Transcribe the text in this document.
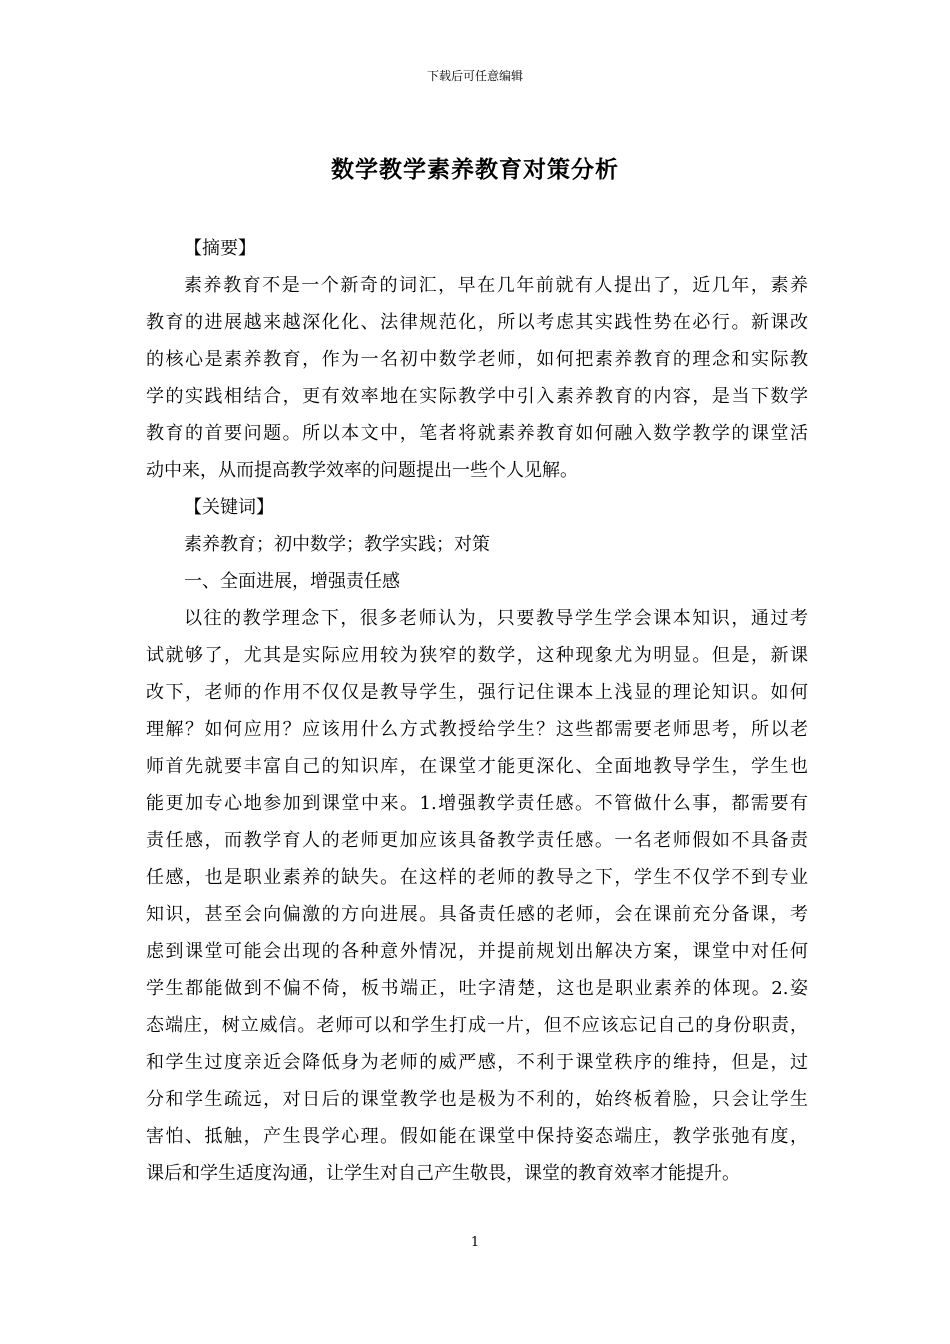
下载后可任意编辑
数学教学素养教育对策分析
【摘要】
素养教育不是一个新奇的词汇，早在几年前就有人提出了，近几年，素养
教育的进展越来越深化化、法律规范化，所以考虑其实践性势在必行。新课改
的核心是素养教育，作为一名初中数学老师，如何把素养教育的理念和实际教
学的实践相结合，更有效率地在实际教学中引入素养教育的内容，是当下数学
教育的首要问题。所以本文中，笔者将就素养教育如何融入数学教学的课堂活
动中来，从而提高教学效率的问题提出一些个人见解。
【关键词】
素养教育；初中数学；教学实践；对策
一、全面进展，增强责任感
以往的教学理念下，很多老师认为，只要教导学生学会课本知识，通过考
试就够了，尤其是实际应用较为狭窄的数学，这种现象尤为明显。但是，新课
改下，老师的作用不仅仅是教导学生，强行记住课本上浅显的理论知识。如何
理解？如何应用？应该用什么方式教授给学生？这些都需要老师思考，所以老
师首先就要丰富自己的知识库，在课堂才能更深化、全面地教导学生，学生也
能更加专心地参加到课堂中来。1.增强教学责任感。不管做什么事，都需要有
责任感，而教学育人的老师更加应该具备教学责任感。一名老师假如不具备责
任感，也是职业素养的缺失。在这样的老师的教导之下，学生不仅学不到专业
知识，甚至会向偏激的方向进展。具备责任感的老师，会在课前充分备课，考
虑到课堂可能会出现的各种意外情况，并提前规划出解决方案，课堂中对任何
学生都能做到不偏不倚，板书端正，吐字清楚，这也是职业素养的体现。2.姿
态端庄，树立威信。老师可以和学生打成一片，但不应该忘记自己的身份职责，
和学生过度亲近会降低身为老师的威严感，不利于课堂秩序的维持，但是，过
分和学生疏远，对日后的课堂教学也是极为不利的，始终板着脸，只会让学生
害怕、抵触，产生畏学心理。假如能在课堂中保持姿态端庄，教学张弛有度，
课后和学生适度沟通，让学生对自己产生敬畏，课堂的教育效率才能提升。
1
